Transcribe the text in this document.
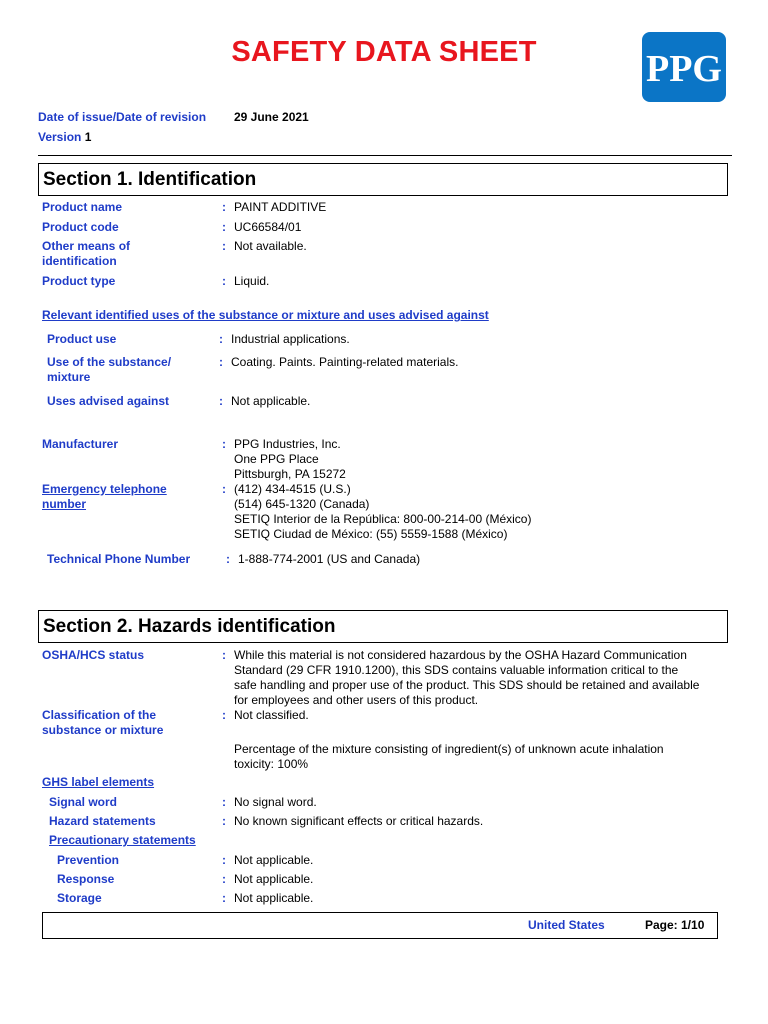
SAFETY DATA SHEET	PPG
Date of issue/Date of revision 29 June 2021
Version 1
Section 1. Identification
Product name	: PAINT ADDITIVE
Product code	: UC66584/01
Other means of
identification
: Not available.
Product type	: Liquid.
Relevant identified uses of the substance or mixture and uses advised against
Product use	: Industrial applications.
Use of the substance/
mixture
: Coating. Paints. Painting-related materials.
Uses advised against	: Not applicable.
Manufacturer	: PPG Industries, Inc.
One PPG Place
Pittsburgh, PA 15272
Emergency telephone
number
: (412) 434-4515 (U.S.)
(514) 645-1320 (Canada)
SETIQ Interior de la República: 800-00-214-00 (México)
SETIQ Ciudad de México: (55) 5559-1588 (México)
Technical Phone Number	: 1-888-774-2001 (US and Canada)
Section 2. Hazards identification
OSHA/HCS status	: While this material is not considered hazardous by the OSHA Hazard Communication
Standard (29 CFR 1910.1200), this SDS contains valuable information critical to the
safe handling and proper use of the product. This SDS should be retained and available
for employees and other users of this product.
Classification of the
substance or mixture
: Not classified.
Percentage of the mixture consisting of ingredient(s) of unknown acute inhalation
toxicity: 100%
GHS label elements
Signal word	: No signal word.
Hazard statements	: No known significant effects or critical hazards.
Precautionary statements
Prevention	: Not applicable.
Response	: Not applicable.
Storage	: Not applicable.
United States	Page: 1/10
